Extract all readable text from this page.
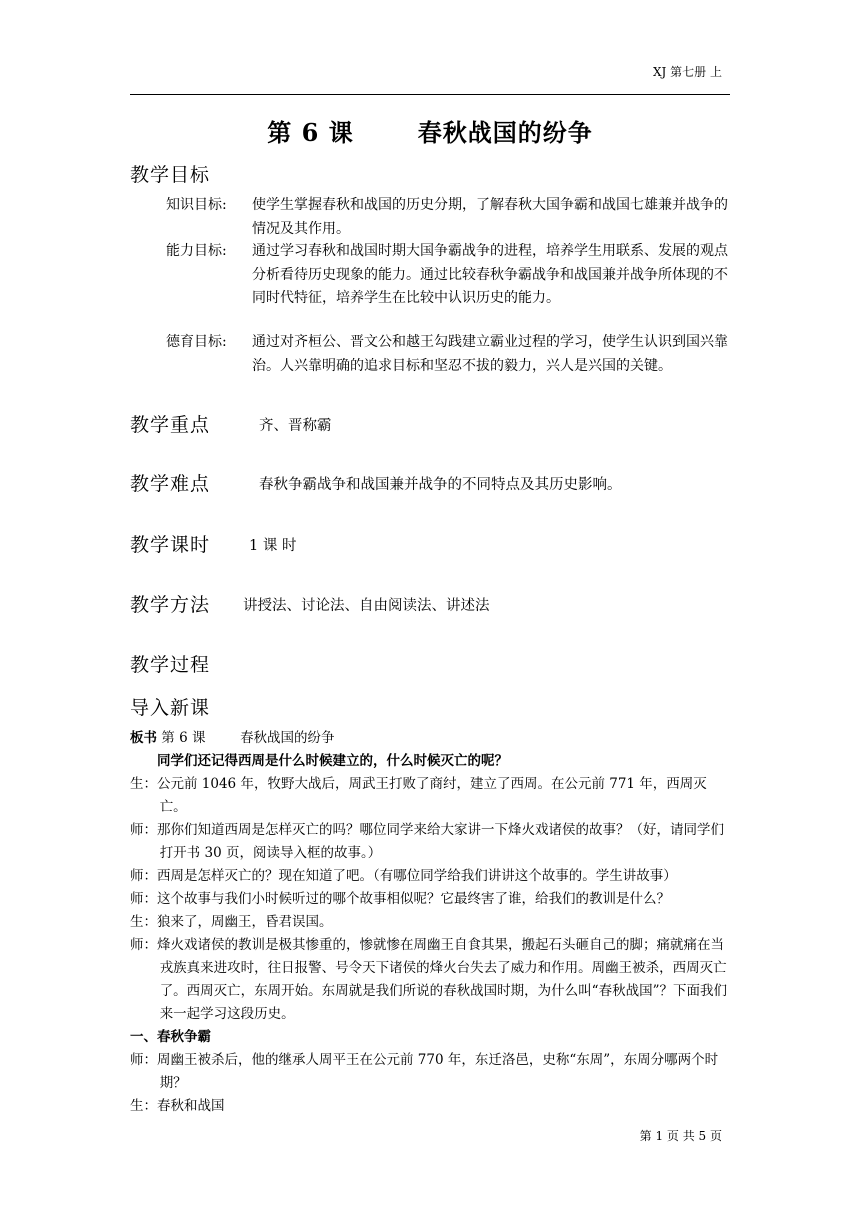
XJ 第七册 上
第 6 课	春秋战国的纷争
教学目标
知识目标:	使学生掌握春秋和战国的历史分期，了解春秋大国争霸和战国七雄兼并战争的情况及其作用。
能力目标:	通过学习春秋和战国时期大国争霸战争的进程，培养学生用联系、发展的观点分析看待历史现象的能力。通过比较春秋争霸战争和战国兼并战争所体现的不同时代特征，培养学生在比较中认识历史的能力。
德育目标:	通过对齐桓公、晋文公和越王勾践建立霸业过程的学习，使学生认识到国兴靠治。人兴靠明确的追求目标和坚忍不拔的毅力，兴人是兴国的关键。
教学重点	齐、晋称霸
教学难点	春秋争霸战争和战国兼并战争的不同特点及其历史影响。
教学课时	1 课 时
教学方法 讲授法、讨论法、自由阅读法、讲述法
教学过程
导入新课
板书 第 6 课	春秋战国的纷争
同学们还记得西周是什么时候建立的，什么时候灭亡的呢？

生：公元前 1046 年，牧野大战后，周武王打败了商纣，建立了西周。在公元前 771 年，西周灭亡。

师：那你们知道西周是怎样灭亡的吗？哪位同学来给大家讲一下烽火戏诸侯的故事？（好，请同学们打开书 30 页，阅读导入框的故事。）

师：西周是怎样灭亡的？现在知道了吧。（有哪位同学给我们讲讲这个故事的。学生讲故事）

师：这个故事与我们小时候听过的哪个故事相似呢？它最终害了谁，给我们的教训是什么？

生：狼来了，周幽王，昏君误国。

师：烽火戏诸侯的教训是极其惨重的，惨就惨在周幽王自食其果，搬起石头砸自己的脚；痛就痛在当戎族真来进攻时，往日报警、号令天下诸侯的烽火台失去了威力和作用。周幽王被杀，西周灭亡了。西周灭亡，东周开始。东周就是我们所说的春秋战国时期，为什么叫“春秋战国”？下面我们来一起学习这段历史。

一、春秋争霸

师：周幽王被杀后，他的继承人周平王在公元前 770 年，东迁洛邑，史称“东周”，东周分哪两个时期？

生：春秋和战国

第 1 页 共 5 页
